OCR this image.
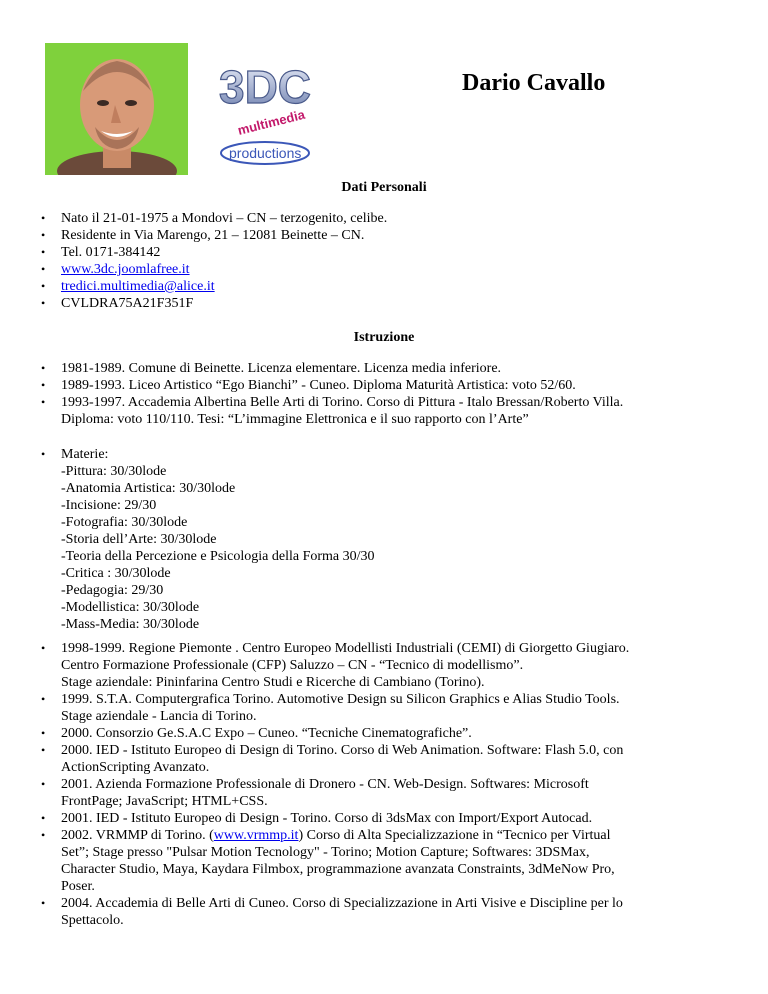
3DC
multimedia
productions
Dario Cavallo
Dati Personali
• Nato il 21-01-1975 a Mondovi – CN – terzogenito, celibe.
• Residente in Via Marengo, 21 – 12081 Beinette – CN.
• Tel. 0171-384142
• www.3dc.joomlafree.it
• tredici.multimedia@alice.it
• CVLDRA75A21F351F
Istruzione
• 1981-1989. Comune di Beinette. Licenza elementare. Licenza media inferiore.
• 1989-1993. Liceo Artistico “Ego Bianchi” - Cuneo. Diploma Maturità Artistica: voto 52/60.
• 1993-1997. Accademia Albertina Belle Arti di Torino. Corso di Pittura - Italo Bressan/Roberto Villa.
Diploma: voto 110/110. Tesi: “L’immagine Elettronica e il suo rapporto con l’Arte”
• Materie:
-Pittura: 30/30lode
-Anatomia Artistica: 30/30lode
-Incisione: 29/30
-Fotografia: 30/30lode
-Storia dell’Arte: 30/30lode
-Teoria della Percezione e Psicologia della Forma 30/30
-Critica : 30/30lode
-Pedagogia: 29/30
-Modellistica: 30/30lode
-Mass-Media: 30/30lode
• 1998-1999. Regione Piemonte . Centro Europeo Modellisti Industriali (CEMI) di Giorgetto Giugiaro.
Centro Formazione Professionale (CFP) Saluzzo – CN - “Tecnico di modellismo”.
Stage aziendale: Pininfarina Centro Studi e Ricerche di Cambiano (Torino).
• 1999. S.T.A. Computergrafica Torino. Automotive Design su Silicon Graphics e Alias Studio Tools.
Stage aziendale - Lancia di Torino.
• 2000. Consorzio Ge.S.A.C Expo – Cuneo. “Tecniche Cinematografiche”.
• 2000. IED - Istituto Europeo di Design di Torino. Corso di Web Animation. Software: Flash 5.0, con
ActionScripting Avanzato.
• 2001. Azienda Formazione Professionale di Dronero - CN. Web-Design. Softwares: Microsoft
FrontPage; JavaScript; HTML+CSS.
• 2001. IED - Istituto Europeo di Design - Torino. Corso di 3dsMax con Import/Export Autocad.
• 2002. VRMMP di Torino. (www.vrmmp.it) Corso di Alta Specializzazione in “Tecnico per Virtual
Set”; Stage presso "Pulsar Motion Tecnology" - Torino; Motion Capture; Softwares: 3DSMax,
Character Studio, Maya, Kaydara Filmbox, programmazione avanzata Constraints, 3dMeNow Pro,
Poser.
• 2004. Accademia di Belle Arti di Cuneo. Corso di Specializzazione in Arti Visive e Discipline per lo
Spettacolo.
